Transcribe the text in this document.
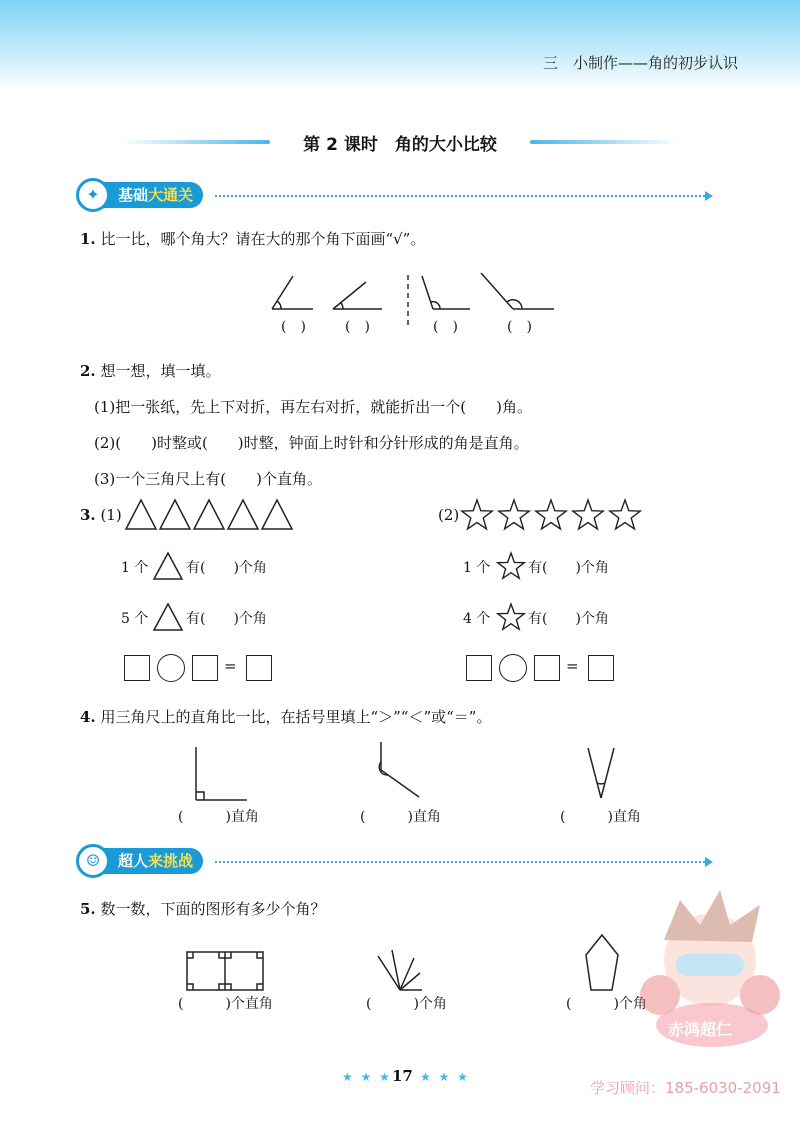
三　小制作——角的初步认识
第 2 课时　角的大小比较
基础大通关
✦
1. 比一比，哪个角大？请在大的那个角下面画“√”。
(　)	(　)	(　)	(　)
2. 想一想，填一填。
(1)把一张纸，先上下对折，再左右对折，就能折出一个(　　)角。
(2)(　　)时整或(　　)时整，钟面上时针和分针形成的角是直角。
(3)一个三角尺上有(　　)个直角。
3. (1)	(2)
1 个	有(　　)个角
5 个	有(　　)个角
1 个	有(　　)个角
4 个	有(　　)个角
=	=
4. 用三角尺上的直角比一比，在括号里填上“＞”“＜”或“＝”。
(　　　)直角	(　　　)直角	(　　　)直角
超人来挑战
☺
5. 数一数，下面的图形有多少个角？
(　　　)个直角	(　　　)个角	(　　　)个角
赤鸿超仁
★ ★ ★ 17 ★ ★ ★
学习顾问：185-6030-2091
